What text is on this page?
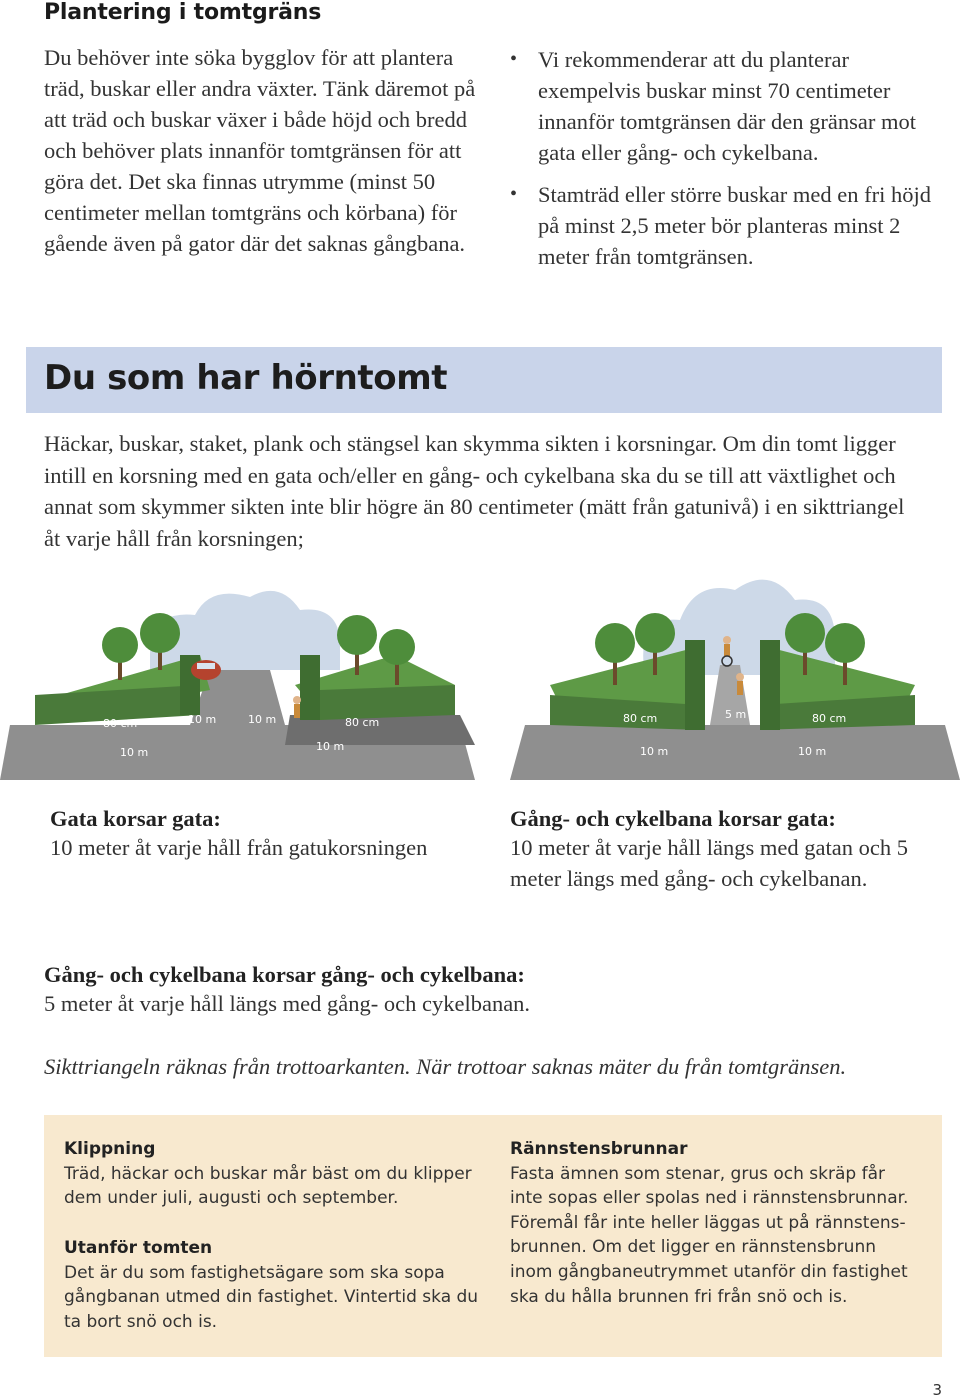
Plantering i tomtgräns
Du behöver inte söka bygglov för att plantera träd, buskar eller andra växter. Tänk däremot på att träd och buskar växer i både höjd och bredd och behöver plats innanför tomtgränsen för att göra det. Det ska finnas utrymme (minst 50 centimeter mellan tomtgräns och körbana) för gående även på gator där det saknas gångbana.
• Vi rekommenderar att du planterar exempelvis buskar minst 70 centimeter innanför tomtgränsen där den gränsar mot gata eller gång- och cykelbana.
• Stamträd eller större buskar med en fri höjd på minst 2,5 meter bör planteras minst 2 meter från tomtgränsen.
Du som har hörntomt
Häckar, buskar, staket, plank och stängsel kan skymma sikten i korsningar. Om din tomt ligger intill en korsning med en gata och/eller en gång- och cykelbana ska du se till att växtlighet och annat som skymmer sikten inte blir högre än 80 centimeter (mätt från gatunivå) i en sikttriangel åt varje håll från korsningen;
80 cm	10 m	10 m	80 cm
10 m	10 m
80 cm	5 m	80 cm
10 m	10 m
Gata korsar gata:
10 meter åt varje håll från gatukorsningen
Gång- och cykelbana korsar gata:
10 meter åt varje håll längs med gatan och 5 meter längs med gång- och cykelbanan.
Gång- och cykelbana korsar gång- och cykelbana:
5 meter åt varje håll längs med gång- och cykelbanan.
Sikttriangeln räknas från trottoarkanten. När trottoar saknas mäter du från tomtgränsen.
Klippning
Träd, häckar och buskar mår bäst om du klipper dem under juli, augusti och september.
Utanför tomten
Det är du som fastighetsägare som ska sopa gångbanan utmed din fastighet. Vintertid ska du ta bort snö och is.
Rännstensbrunnar
Fasta ämnen som stenar, grus och skräp får inte sopas eller spolas ned i rännstensbrunnar. Föremål får inte heller läggas ut på rännstensbrunnen. Om det ligger en rännstensbrunn inom gångbaneutrymmet utanför din fastighet ska du hålla brunnen fri från snö och is.
3
